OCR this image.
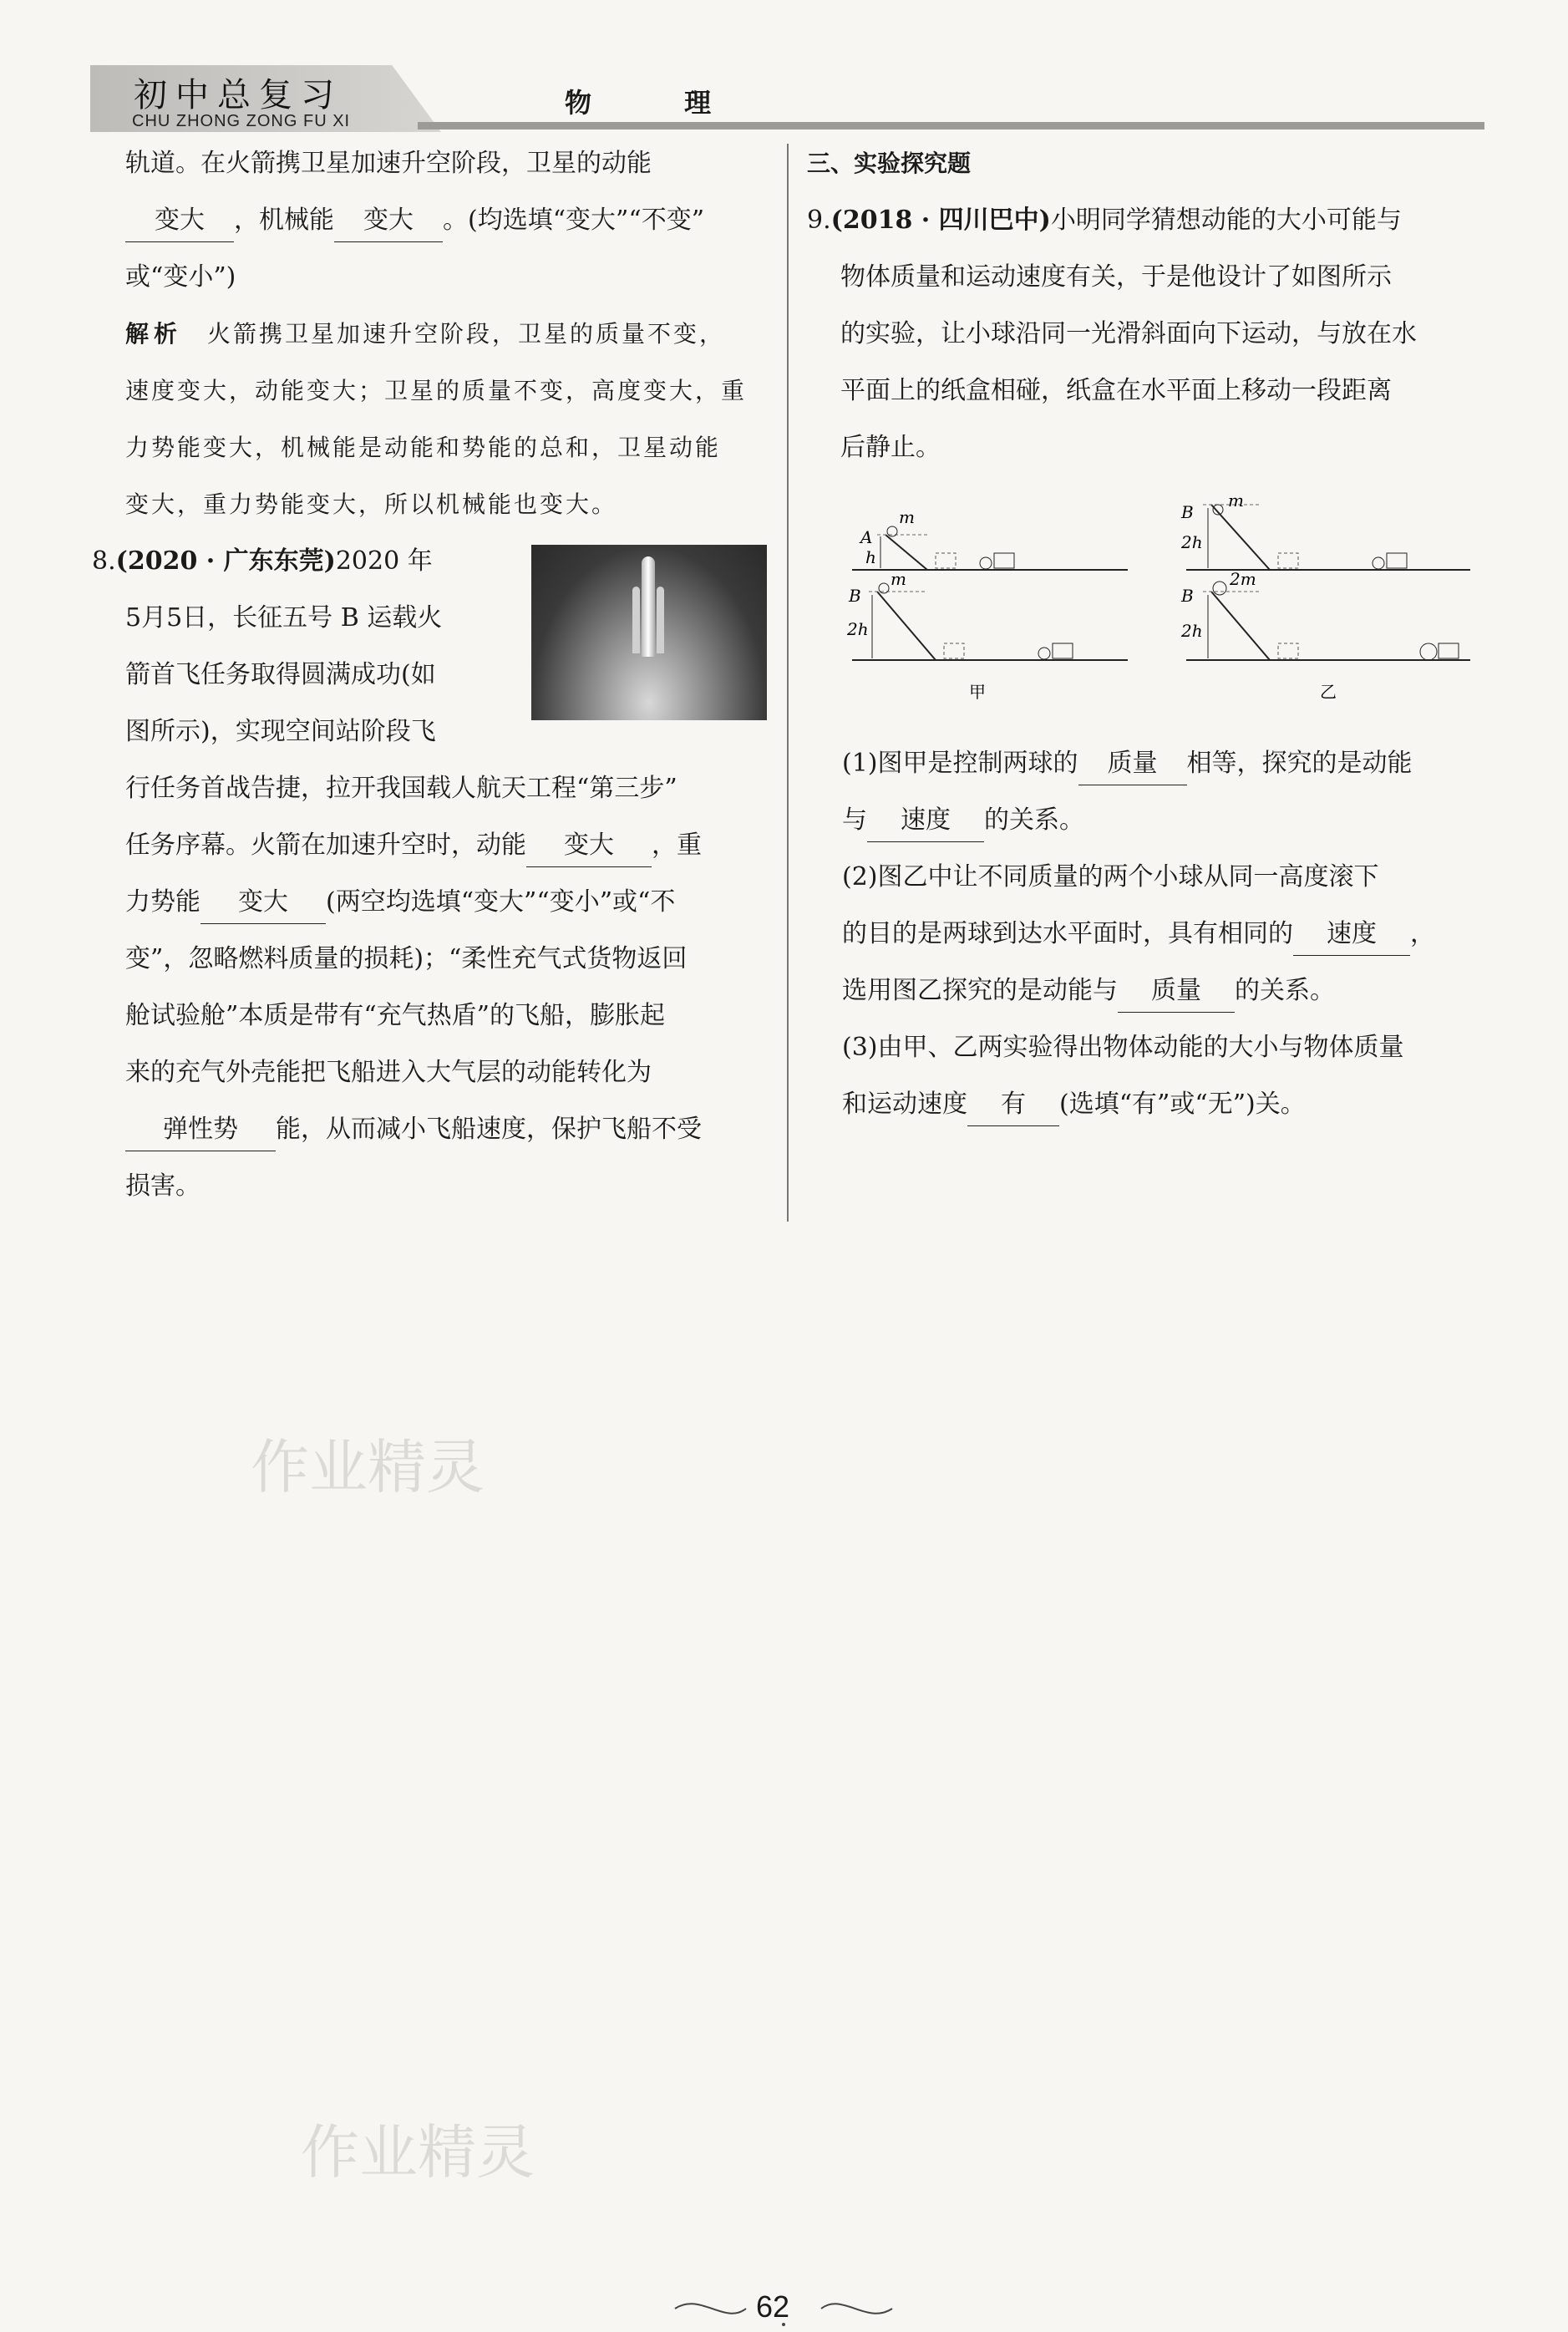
作业精灵
作业精灵
初中总复习
CHU ZHONG ZONG FU XI
物 理

轨道。在火箭携卫星加速升空阶段，卫星的动能

变大 ，机械能 变大 。(均选填“变大”“不变”

或“变小”)

解析 火箭携卫星加速升空阶段，卫星的质量不变，

速度变大，动能变大；卫星的质量不变，高度变大，重

力势能变大，机械能是动能和势能的总和，卫星动能

变大，重力势能变大，所以机械能也变大。

8.(2020 · 广东东莞)2020 年

5月5日，长征五号 B 运载火

箭首飞任务取得圆满成功(如

图所示)，实现空间站阶段飞

行任务首战告捷，拉开我国载人航天工程“第三步”

任务序幕。火箭在加速升空时，动能 变大 ，重

力势能 变大 (两空均选填“变大”“变小”或“不

变”，忽略燃料质量的损耗)；“柔性充气式货物返回

舱试验舱”本质是带有“充气热盾”的飞船，膨胀起

来的充气外壳能把飞船进入大气层的动能转化为

弹性势 能，从而减小飞船速度，保护飞船不受

损害。

三、实验探究题

9.(2018 · 四川巴中)小明同学猜想动能的大小可能与

物体质量和运动速度有关，于是他设计了如图所示

的实验，让小球沿同一光滑斜面向下运动，与放在水

平面上的纸盒相碰，纸盒在水平面上移动一段距离

后静止。

A
h
m
B
2h
m
甲
B
2h
m
B
2h
2m
乙

(1)图甲是控制两球的 质量 相等，探究的是动能

与 速度 的关系。

(2)图乙中让不同质量的两个小球从同一高度滚下

的目的是两球到达水平面时，具有相同的 速度 ，

选用图乙探究的是动能与 质量 的关系。

(3)由甲、乙两实验得出物体动能的大小与物体质量

和运动速度 有 (选填“有”或“无”)关。

62
